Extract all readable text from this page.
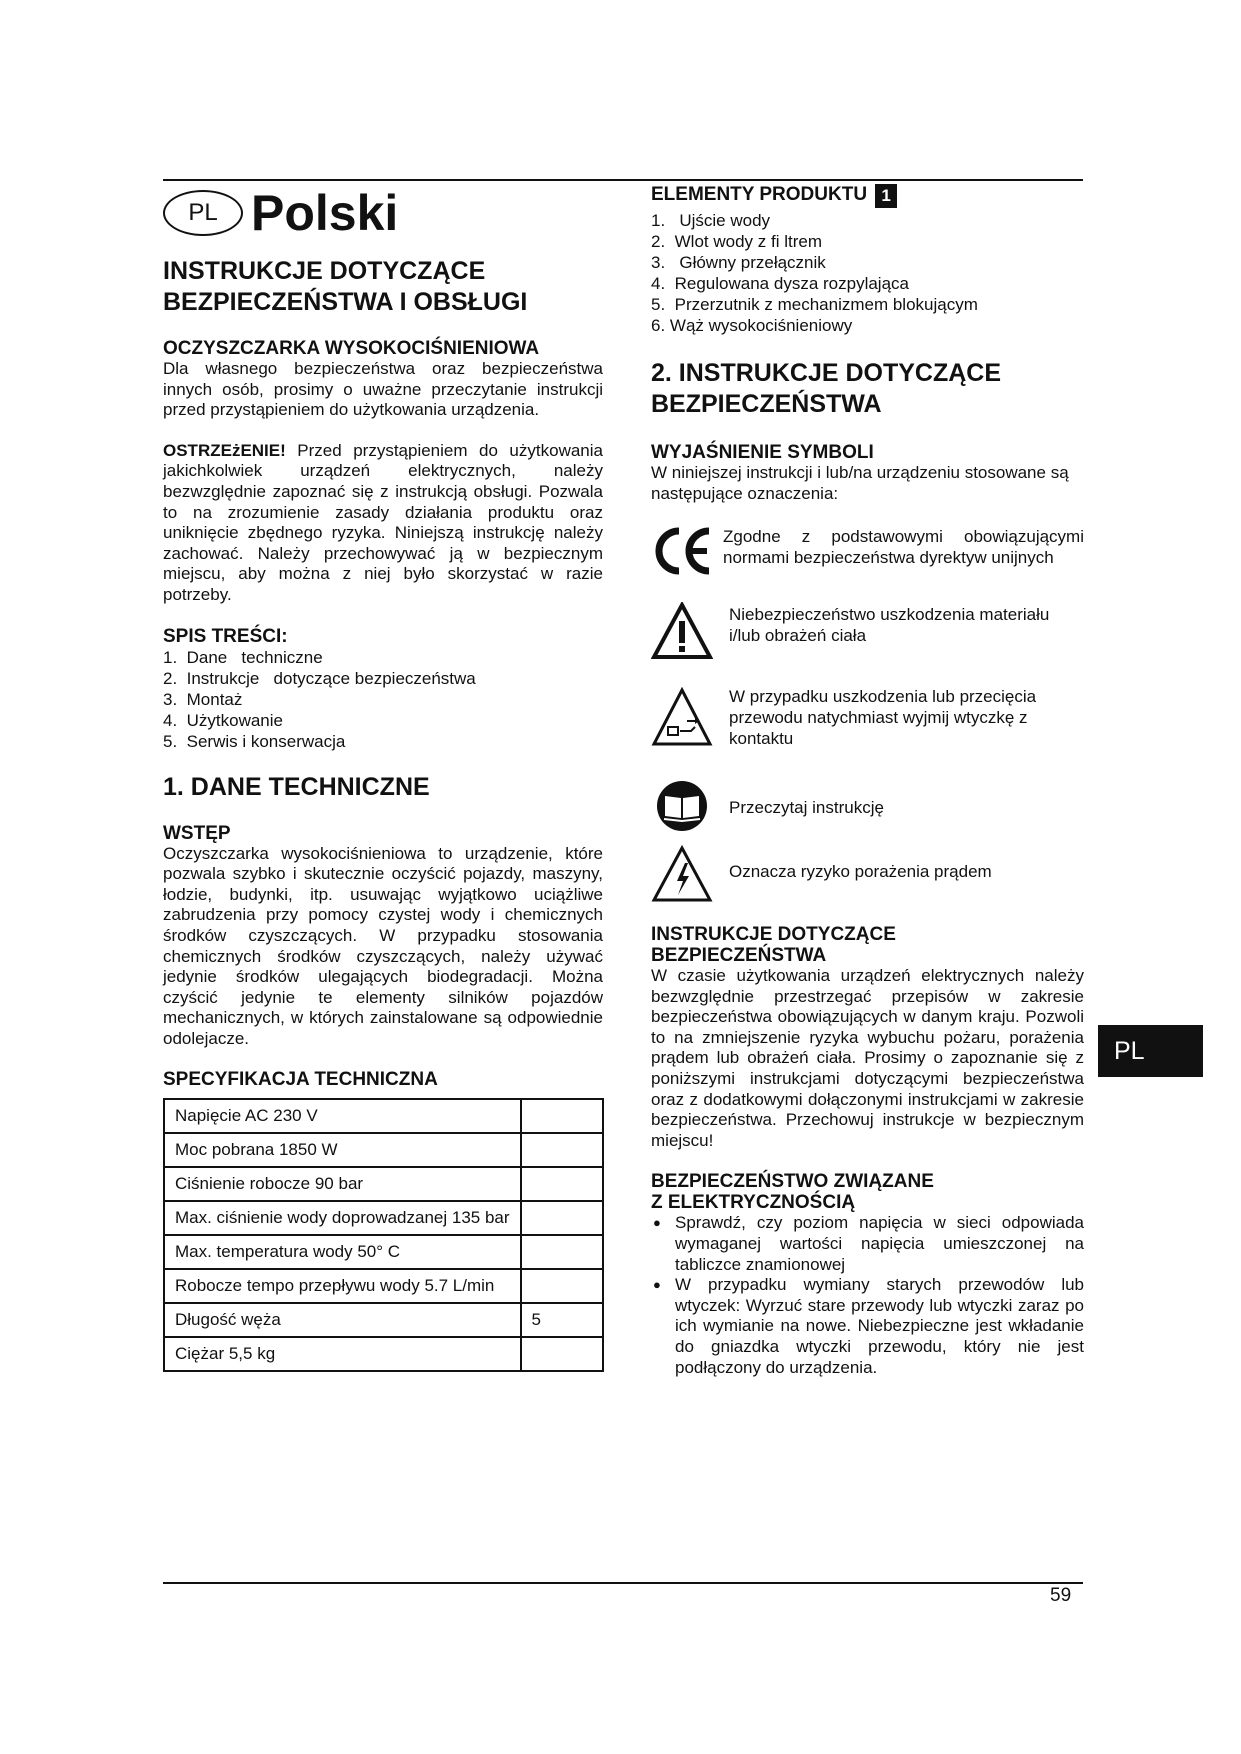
PL Polski
INSTRUKCJE DOTYCZĄCE
BEZPIECZEŃSTWA I OBSŁUGI
OCZYSZCZARKA WYSOKOCIŚNIENIOWA

Dla własnego bezpieczeństwa oraz bezpieczeństwa innych osób, prosimy o uważne przeczytanie instrukcji przed przystąpieniem do użytkowania urządzenia.

OSTRZEżENIE! Przed przystąpieniem do użytkowania jakichkolwiek urządzeń elektrycznych, należy bezwzględnie zapoznać się z instrukcją obsługi. Pozwala to na zrozumienie zasady działania produktu oraz uniknięcie zbędnego ryzyka. Niniejszą instrukcję należy zachować. Należy przechowywać ją w bezpiecznym miejscu, aby można z niej było skorzystać w razie potrzeby.

SPIS TREŚCI:
1.  Dane   techniczne
2.  Instrukcje   dotyczące bezpieczeństwa
3.  Montaż
4.  Użytkowanie
5.  Serwis i konserwacja
1. DANE TECHNICZNE
WSTĘP

Oczyszczarka wysokociśnieniowa to urządzenie, które pozwala szybko i skutecznie oczyścić pojazdy, maszyny, łodzie, budynki, itp. usuwając wyjątkowo uciążliwe zabrudzenia przy pomocy czystej wody i chemicznych środków czyszczących. W przypadku stosowania chemicznych środków czyszczących, należy używać jedynie środków ulegających biodegradacji. Można czyścić jedynie te elementy silników pojazdów mechanicznych, w których zainstalowane są odpowiednie odolejacze.

SPECYFIKACJA TECHNICZNA
Napięcie AC 230 V	
Moc pobrana 1850 W	
Ciśnienie robocze 90 bar	
Max. ciśnienie wody doprowadzanej 135 bar	
Max. temperatura wody 50° C	
Robocze tempo przepływu wody 5.7 L/min	
Długość węża	5
Ciężar 5,5 kg	
ELEMENTY PRODUKTU 1
1.   Ujście wody
2.  Wlot wody z fi ltrem
3.   Główny przełącznik
4.  Regulowana dysza rozpylająca
5.  Przerzutnik z mechanizmem blokującym
6. Wąż wysokociśnieniowy
2. INSTRUKCJE DOTYCZĄCE
BEZPIECZEŃSTWA
WYJAŚNIENIE SYMBOLI

W niniejszej instrukcji i lub/na urządzeniu stosowane są następujące oznaczenia:

Zgodne z podstawowymi obowiązującymi normami bezpieczeństwa dyrektyw unijnych
Niebezpieczeństwo uszkodzenia materiału i/lub obrażeń ciała
W przypadku uszkodzenia lub przecięcia przewodu natychmiast wyjmij wtyczkę z kontaktu
Przeczytaj instrukcję
Oznacza ryzyko porażenia prądem
INSTRUKCJE DOTYCZĄCE
BEZPIECZEŃSTWA

W czasie użytkowania urządzeń elektrycznych należy bezwzględnie przestrzegać przepisów w zakresie bezpieczeństwa obowiązujących w danym kraju. Pozwoli to na zmniejszenie ryzyka wybuchu pożaru, porażenia prądem lub obrażeń ciała. Prosimy o zapoznanie się z poniższymi instrukcjami dotyczącymi bezpieczeństwa oraz z dodatkowymi dołączonymi instrukcjami w zakresie bezpieczeństwa. Przechowuj instrukcje w bezpiecznym miejscu!

BEZPIECZEŃSTWO ZWIĄZANE
Z ELEKTRYCZNOŚCIĄ
● Sprawdź, czy poziom napięcia w sieci odpowiada wymaganej wartości napięcia umieszczonej na tabliczce znamionowej
● W przypadku wymiany starych przewodów lub wtyczek: Wyrzuć stare przewody lub wtyczki zaraz po ich wymianie na nowe. Niebezpieczne jest wkładanie do gniazdka wtyczki przewodu, który nie jest podłączony do urządzenia.
PL
59
